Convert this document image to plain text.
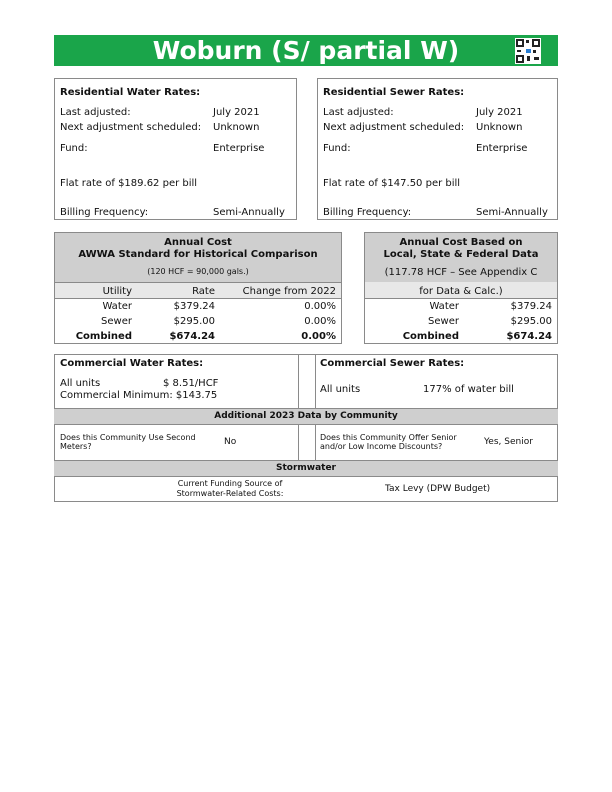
Woburn (S/ partial W)
Residential Water Rates:
Last adjusted:	July 2021
Next adjustment scheduled: Unknown
Fund:	Enterprise
Flat rate of $189.62 per bill
Billing Frequency:	Semi-Annually
Residential Sewer Rates:
Last adjusted:	July 2021
Next adjustment scheduled: Unknown
Fund:	Enterprise
Flat rate of $147.50 per bill
Billing Frequency:	Semi-Annually
Annual Cost
AWWA Standard for Historical Comparison
(120 HCF = 90,000 gals.)
Utility	Rate	Change from 2022
Water	$379.24	0.00%
Sewer	$295.00	0.00%
Combined	$674.24	0.00%
Annual Cost Based on
Local, State & Federal Data
(117.78 HCF – See Appendix C
for Data & Calc.)
Water	$379.24
Sewer	$295.00
Combined	$674.24
Commercial Water Rates:
All units	$ 8.51/HCF
Commercial Minimum: $143.75
Commercial Sewer Rates:
All units	177% of water bill
Additional 2023 Data by Community
Does this Community Use Second
Meters?	No	Does this Community Offer Senior
and/or Low Income Discounts?	Yes, Senior
Stormwater
Current Funding Source of
Stormwater-Related Costs:	Tax Levy (DPW Budget)
